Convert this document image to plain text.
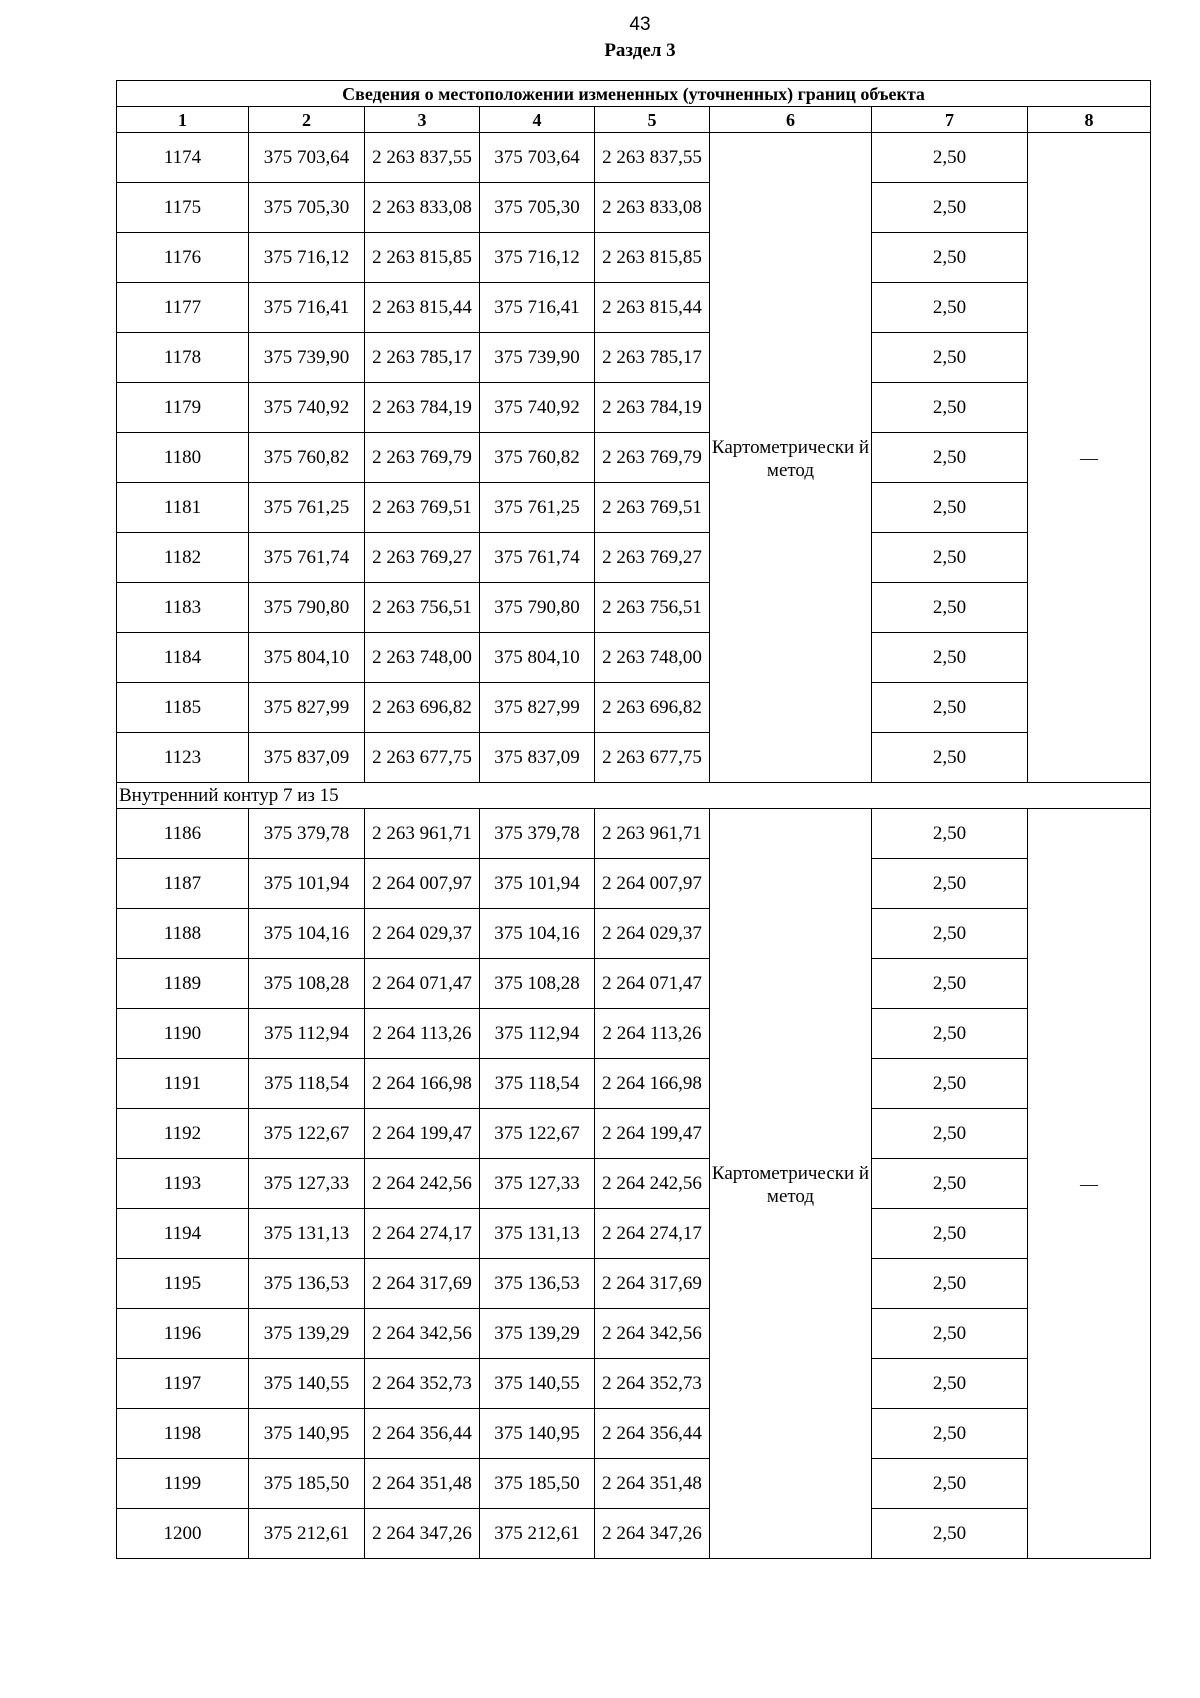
43
Раздел 3
Сведения о местоположении измененных (уточненных) границ объекта							
1	2	3	4	5	6	7	8
1174	375 703,64	2 263 837,55	375 703,64	2 263 837,55	Картометрически й метод	2,50	—
1175	375 705,30	2 263 833,08	375 705,30	2 263 833,08		2,50	
1176	375 716,12	2 263 815,85	375 716,12	2 263 815,85		2,50	
1177	375 716,41	2 263 815,44	375 716,41	2 263 815,44		2,50	
1178	375 739,90	2 263 785,17	375 739,90	2 263 785,17		2,50	
1179	375 740,92	2 263 784,19	375 740,92	2 263 784,19		2,50	
1180	375 760,82	2 263 769,79	375 760,82	2 263 769,79		2,50	
1181	375 761,25	2 263 769,51	375 761,25	2 263 769,51		2,50	
1182	375 761,74	2 263 769,27	375 761,74	2 263 769,27		2,50	
1183	375 790,80	2 263 756,51	375 790,80	2 263 756,51		2,50	
1184	375 804,10	2 263 748,00	375 804,10	2 263 748,00		2,50	
1185	375 827,99	2 263 696,82	375 827,99	2 263 696,82		2,50	
1123	375 837,09	2 263 677,75	375 837,09	2 263 677,75		2,50	
Внутренний контур 7 из 15							
1186	375 379,78	2 263 961,71	375 379,78	2 263 961,71	Картометрически й метод	2,50	—
1187	375 101,94	2 264 007,97	375 101,94	2 264 007,97		2,50	
1188	375 104,16	2 264 029,37	375 104,16	2 264 029,37		2,50	
1189	375 108,28	2 264 071,47	375 108,28	2 264 071,47		2,50	
1190	375 112,94	2 264 113,26	375 112,94	2 264 113,26		2,50	
1191	375 118,54	2 264 166,98	375 118,54	2 264 166,98		2,50	
1192	375 122,67	2 264 199,47	375 122,67	2 264 199,47		2,50	
1193	375 127,33	2 264 242,56	375 127,33	2 264 242,56		2,50	
1194	375 131,13	2 264 274,17	375 131,13	2 264 274,17		2,50	
1195	375 136,53	2 264 317,69	375 136,53	2 264 317,69		2,50	
1196	375 139,29	2 264 342,56	375 139,29	2 264 342,56		2,50	
1197	375 140,55	2 264 352,73	375 140,55	2 264 352,73		2,50	
1198	375 140,95	2 264 356,44	375 140,95	2 264 356,44		2,50	
1199	375 185,50	2 264 351,48	375 185,50	2 264 351,48		2,50	
1200	375 212,61	2 264 347,26	375 212,61	2 264 347,26		2,50	
